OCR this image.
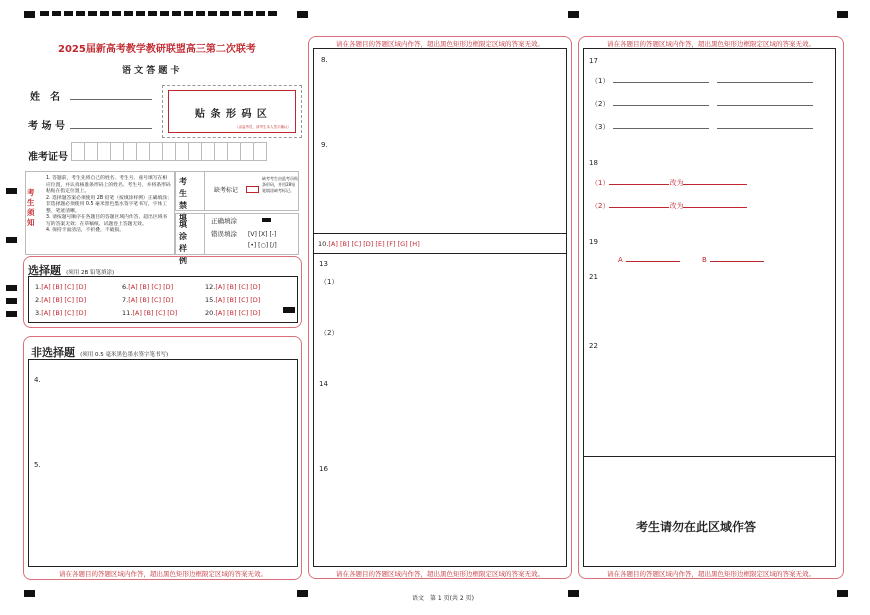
2025届新高考教学教研联盟高三第二次联考
语 文 答 题 卡
姓　名
考 场 号
准考证号
贴 条 形 码 区
（由监考员，请考生本人签字确认）
考生须知
1. 答题前，考生先将自己的姓名、考生号、座号填写在相应位置，并认真核准条形码上的姓名、考生号，并将条形码粘贴在指定位置上。
2. 选择题答案必须使用 2B 铅笔（按填涂样例）正确填涂；非选择题必须使用 0.5 毫米黑色墨水签字笔书写，字体工整、笔迹清晰。
3. 请按题号顺序在各题目的答题区域内作答，超出区域书写的答案无效；在草稿纸、试题卷上答题无效。
4. 保持卡面清洁，不折叠，不破损。
考生禁填
缺考标记
缺考考生由监考员贴条形码，并用2B铅笔填涂缺考标记。
填涂样例
正确填涂
错误填涂 [V] [X] [-]
[•] [○] [/]
选择题 (须用 2B 铅笔填涂)
1.[A] [B] [C] [D]	6.[A] [B] [C] [D]	12.[A] [B] [C] [D]
2.[A] [B] [C] [D]	7.[A] [B] [C] [D]	15.[A] [B] [C] [D]
3.[A] [B] [C] [D]	11.[A] [B] [C] [D]	20.[A] [B] [C] [D]
非选择题 (须用 0.5 毫米黑色墨水签字笔书写)
4.
5.
请在各题目的答题区域内作答，超出黑色矩形边框限定区域的答案无效。
请在各题目的答题区域内作答，超出黑色矩形边框限定区域的答案无效。
8.
9.
10.[A] [B] [C] [D] [E] [F] [G] [H]
13
（1）
（2）
14
16
请在各题目的答题区域内作答，超出黑色矩形边框限定区域的答案无效。
请在各题目的答题区域内作答，超出黑色矩形边框限定区域的答案无效。
17
（1）
（2）
（3）
18
（1）	改为
（2）	改为
19
A	B
21
22
考生请勿在此区域作答
请在各题目的答题区域内作答，超出黑色矩形边框限定区域的答案无效。
语文　第 1 页(共 2 页)
